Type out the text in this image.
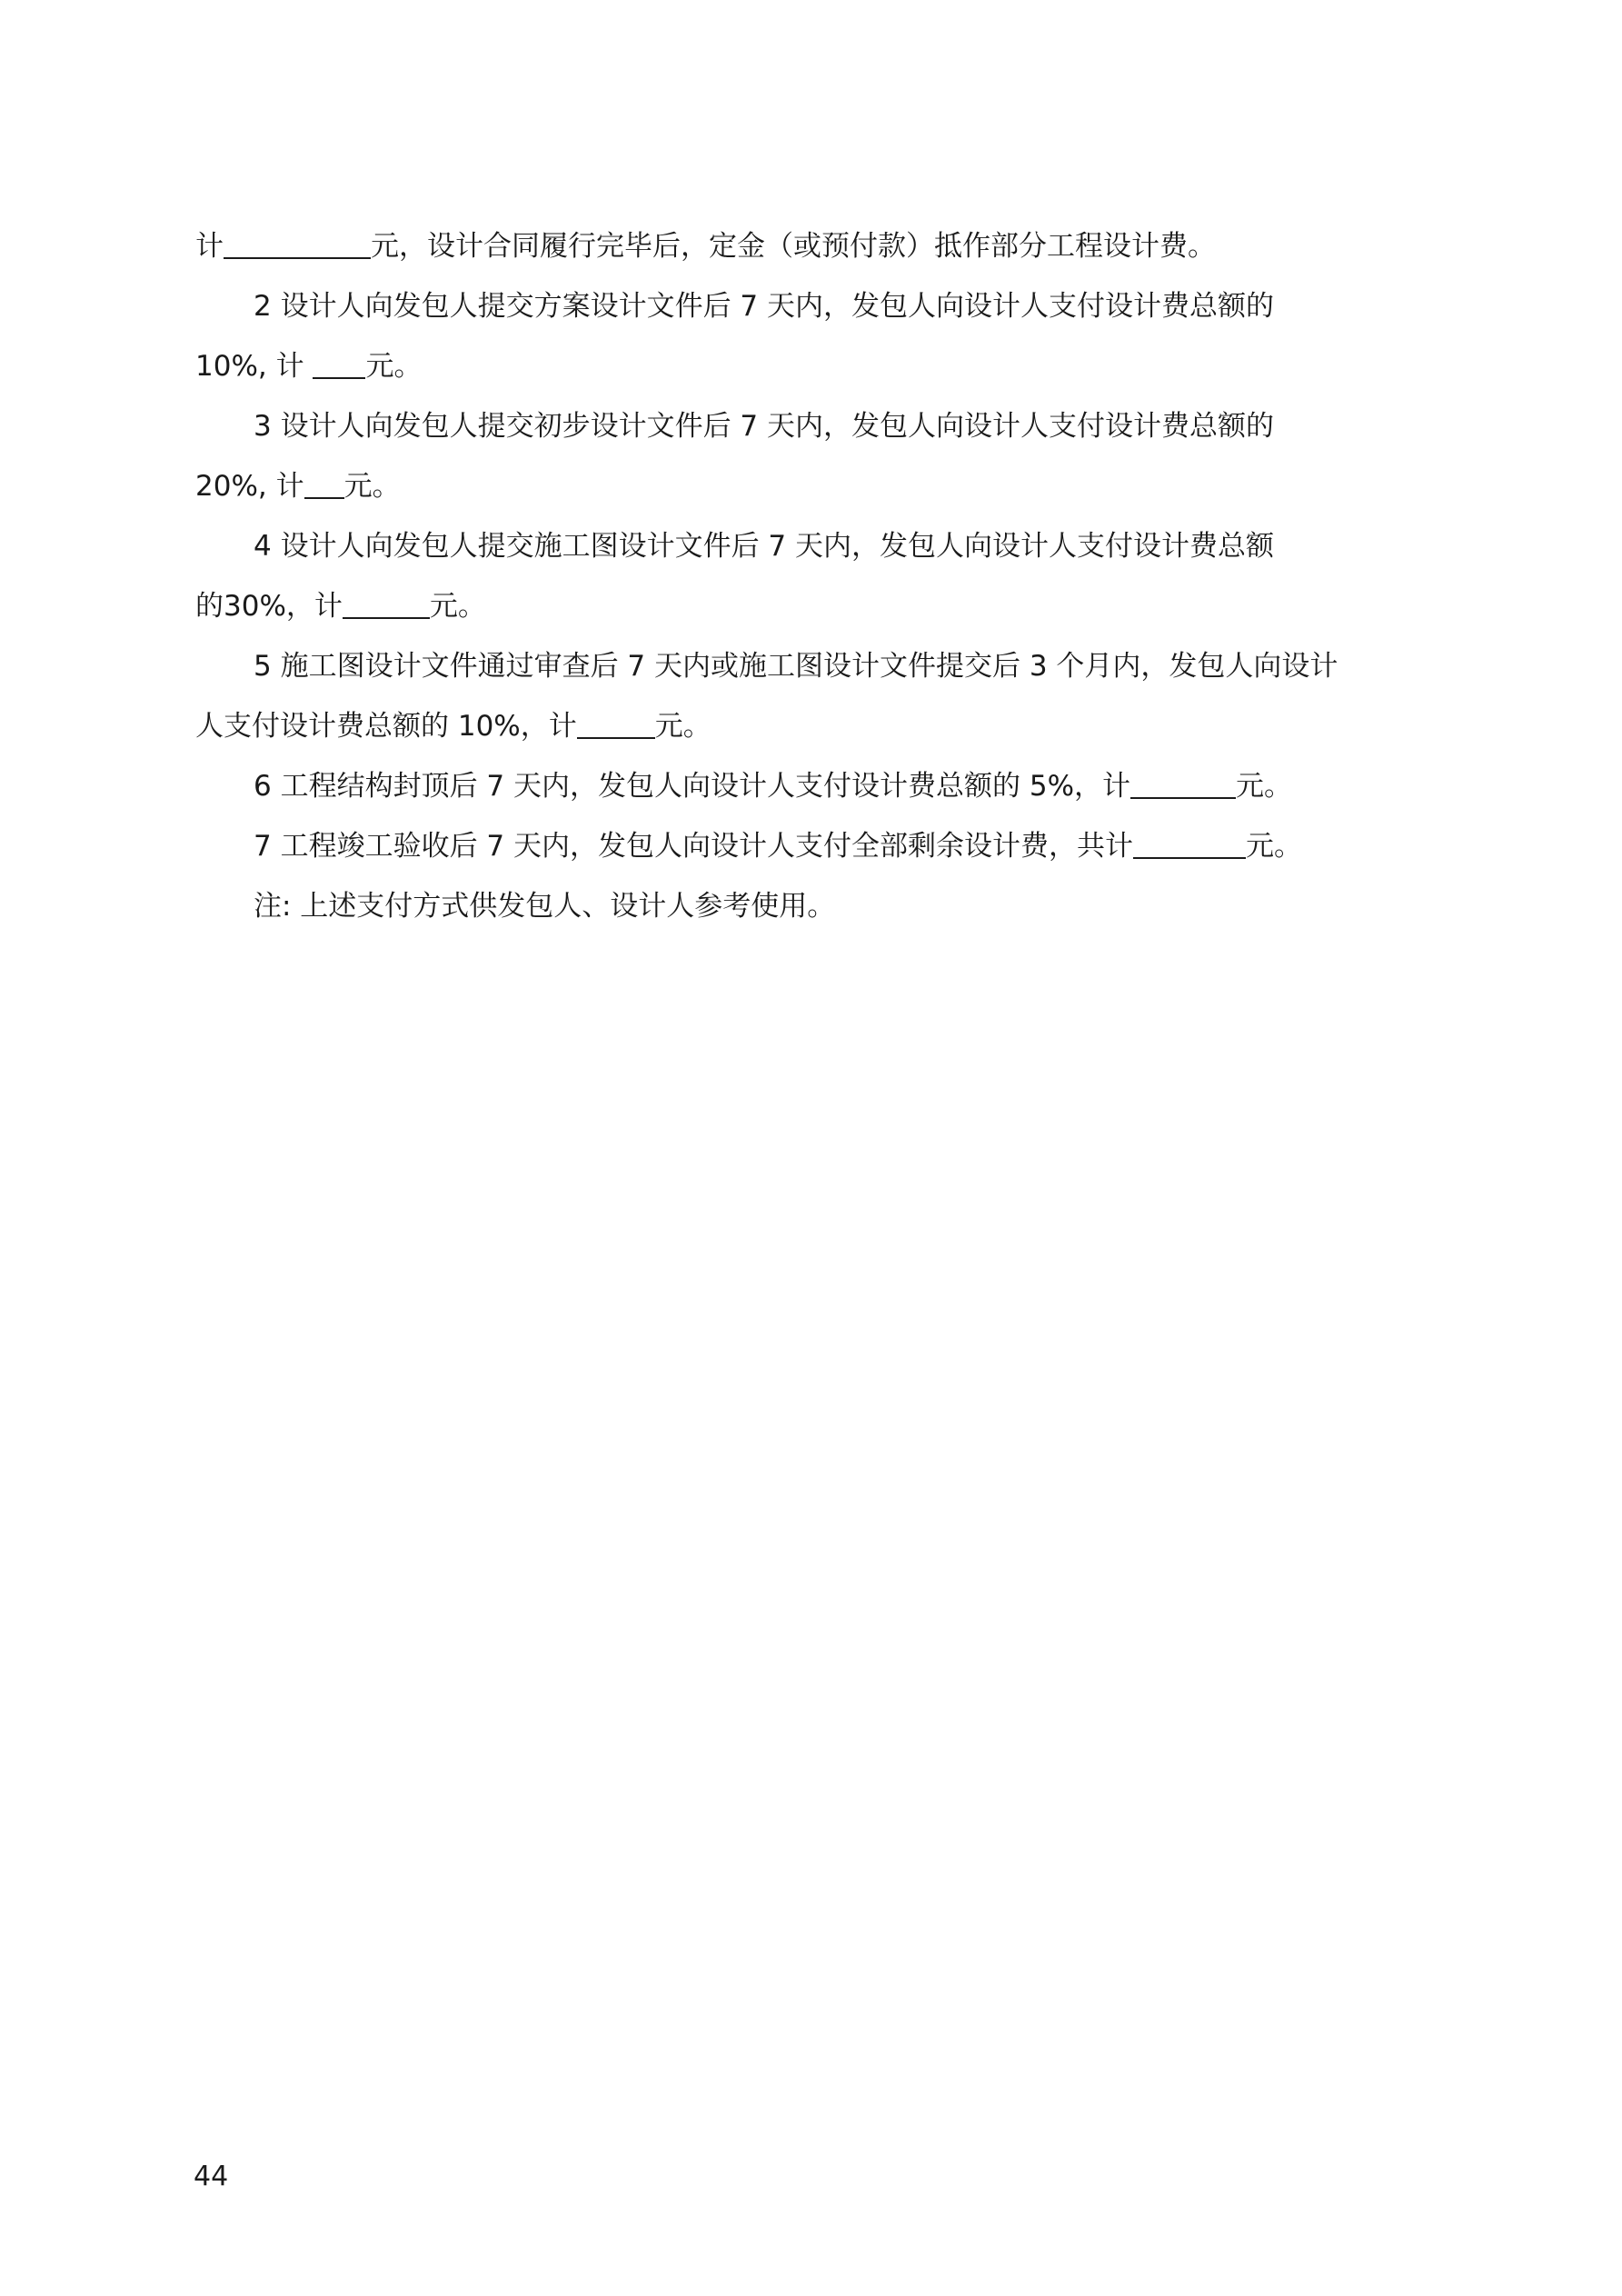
计	元，设计合同履行完毕后，定金（或预付款）抵作部分工程设计费。
2 设计人向发包人提交方案设计文件后 7 天内，发包人向设计人支付设计费总额的
10%, 计 元。
3 设计人向发包人提交初步设计文件后 7 天内，发包人向设计人支付设计费总额的
20%, 计 元。
4 设计人向发包人提交施工图设计文件后 7 天内，发包人向设计人支付设计费总额
的30%，计	元。
5 施工图设计文件通过审查后 7 天内或施工图设计文件提交后 3 个月内，发包人向设计
人支付设计费总额的 10%，计	元。
6 工程结构封顶后 7 天内，发包人向设计人支付设计费总额的 5%，计	元。
7 工程竣工验收后 7 天内，发包人向设计人支付全部剩余设计费，共计	元。
注: 上述支付方式供发包人、设计人参考使用。
44
